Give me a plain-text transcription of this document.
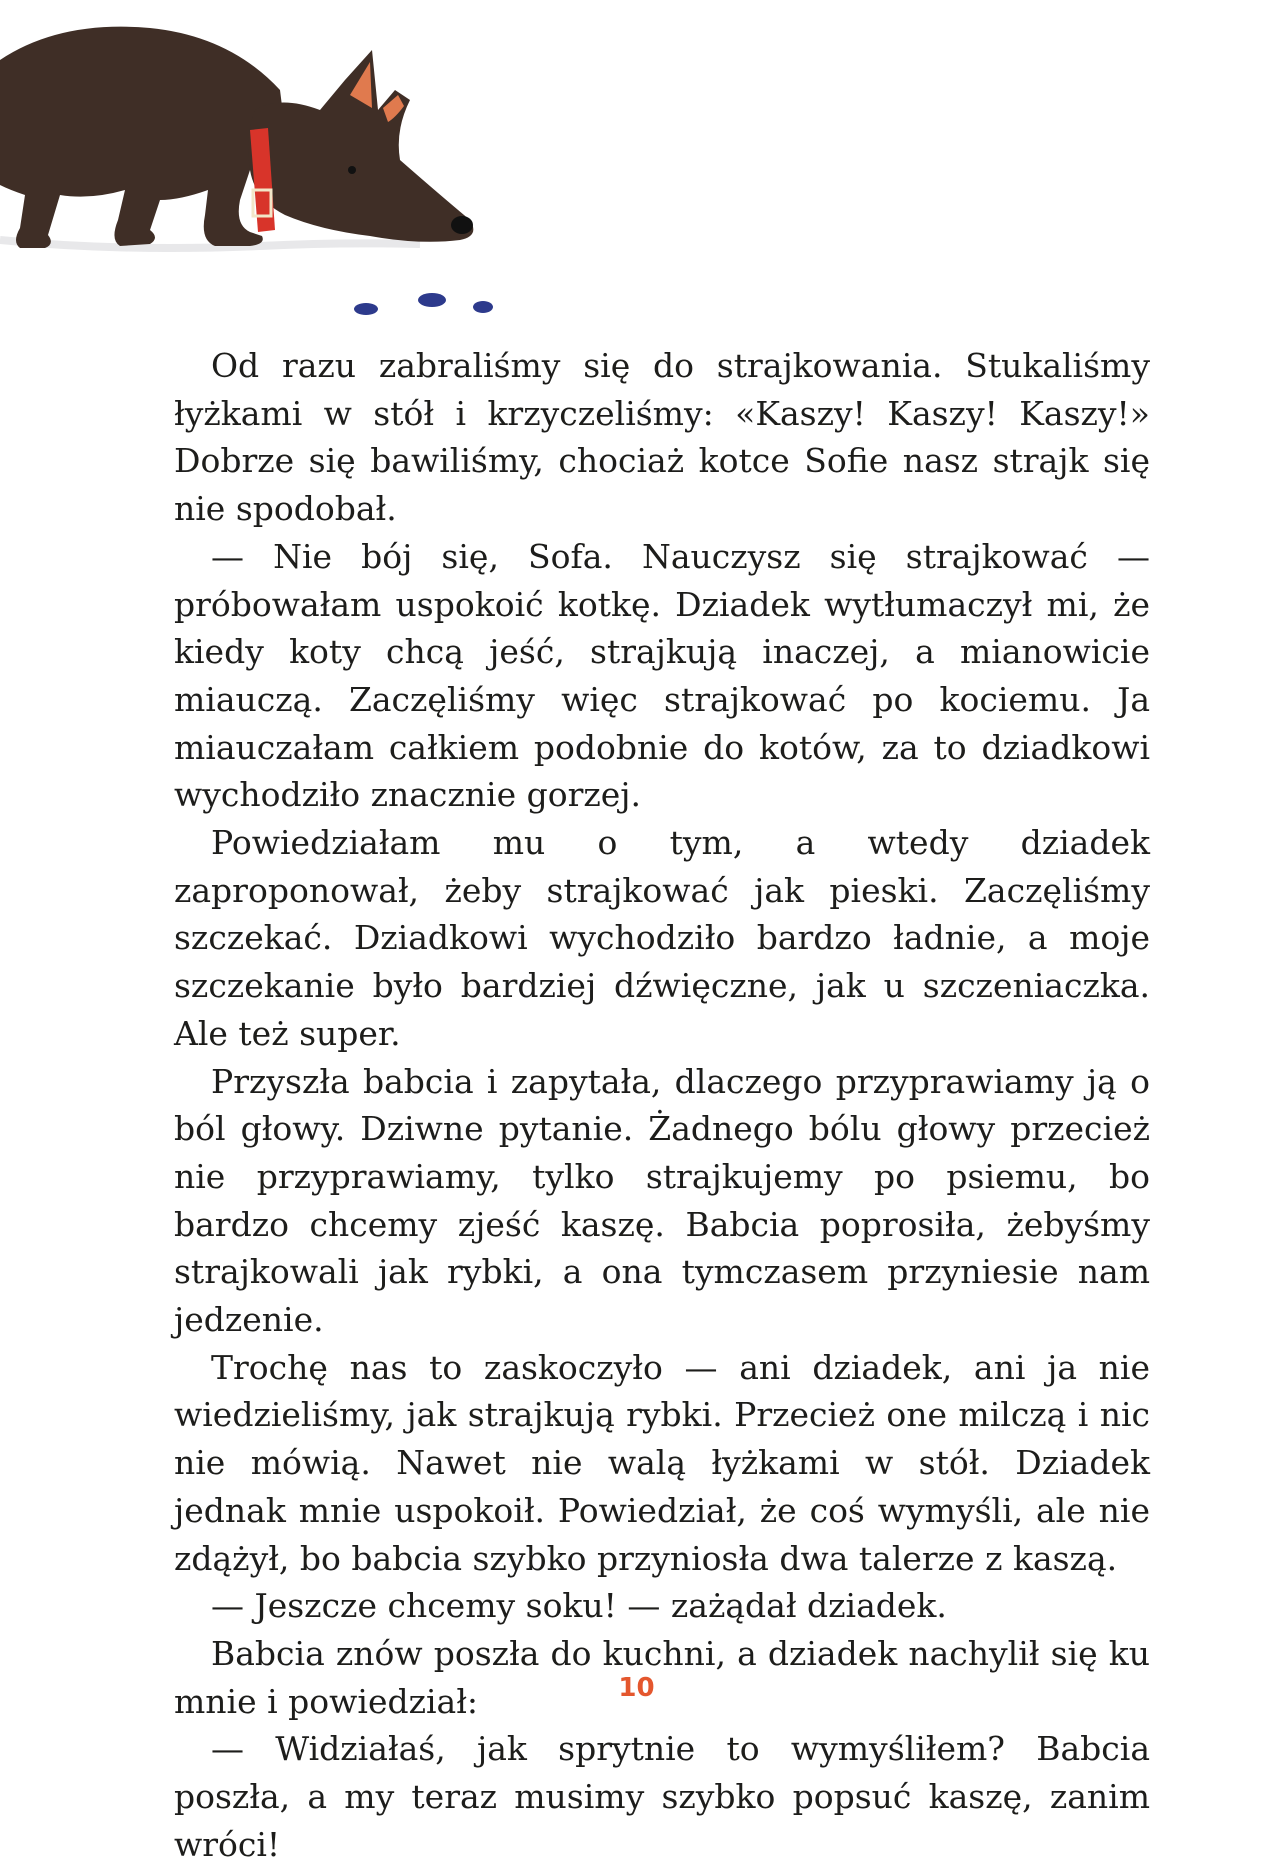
Od razu zabraliśmy się do strajkowania. Stukaliśmy łyżkami w stół i krzyczeliśmy: «Kaszy! Kaszy! Kaszy!» Dobrze się bawiliśmy, chociaż kotce Sofie nasz strajk się nie spodobał.

— Nie bój się, Sofa. Nauczysz się strajkować — próbowałam uspokoić kotkę. Dziadek wytłumaczył mi, że kiedy koty chcą jeść, strajkują inaczej, a mianowicie miauczą. Zaczęliśmy więc strajkować po kociemu. Ja miauczałam całkiem podobnie do kotów, za to dziadkowi wychodziło znacznie gorzej.

Powiedziałam mu o tym, a wtedy dziadek zaproponował, żeby strajkować jak pieski. Zaczęliśmy szczekać. Dziadkowi wychodziło bardzo ładnie, a moje szczekanie było bardziej dźwięczne, jak u szczeniaczka. Ale też super.

Przyszła babcia i zapytała, dlaczego przyprawiamy ją o ból głowy. Dziwne pytanie. Żadnego bólu głowy przecież nie przyprawiamy, tylko strajkujemy po psiemu, bo bardzo chcemy zjeść kaszę. Babcia poprosiła, żebyśmy strajkowali jak rybki, a ona tymczasem przyniesie nam jedzenie.

Trochę nas to zaskoczyło — ani dziadek, ani ja nie wiedzieliśmy, jak strajkują rybki. Przecież one milczą i nic nie mówią. Nawet nie walą łyżkami w stół. Dziadek jednak mnie uspokoił. Powiedział, że coś wymyśli, ale nie zdążył, bo babcia szybko przyniosła dwa talerze z kaszą.

— Jeszcze chcemy soku! — zażądał dziadek.

Babcia znów poszła do kuchni, a dziadek nachylił się ku mnie i powiedział:

— Widziałaś, jak sprytnie to wymyśliłem? Babcia poszła, a my teraz musimy szybko popsuć kaszę, zanim wróci!

10
